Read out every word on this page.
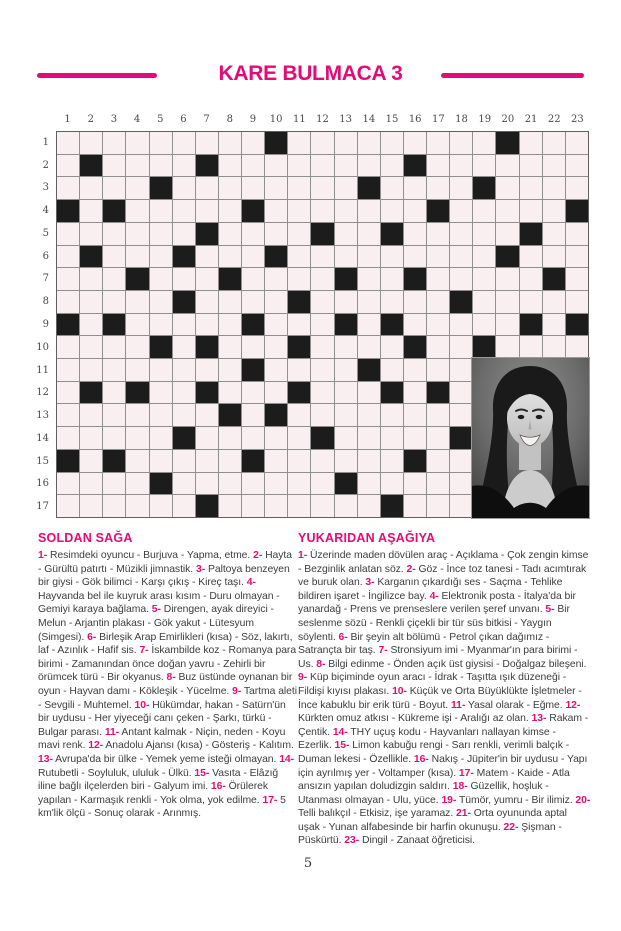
KARE BULMACA 3
1	2	3	4	5	6	7	8	9	10	11	12	13	14	15	16	17	18	19	20	21	22	23
1
2
3
4
5
6
7
8
9
10
11
12
13
14
15
16
17
SOLDAN SAĞA

1- Resimdeki oyuncu - Burjuva - Yapma, etme. 2- Hayta - Gürültü patırtı - Müzikli jimnastik. 3- Paltoya benzeyen bir giysi - Gök bilimci - Karşı çıkış - Kireç taşı. 4- Hayvanda bel ile kuyruk arası kısım - Duru olmayan - Gemiyi karaya bağlama. 5- Direngen, ayak direyici - Melun - Arjantin plakası - Gök yakut - Lütesyum (Simgesi). 6- Birleşik Arap Emirlikleri (kısa) - Söz, lakırtı, laf - Azınlık - Hafif sis. 7- İskambilde koz - Romanya para birimi - Zamanından önce doğan yavru - Zehirli bir örümcek türü - Bir okyanus. 8- Buz üstünde oynanan bir oyun - Hayvan damı - Kökleşik - Yücelme. 9- Tartma aleti - Sevgili - Muhtemel. 10- Hükümdar, hakan - Satürn'ün bir uydusu - Her yiyeceği canı çeken - Şarkı, türkü - Bulgar parası. 11- Antant kalmak - Niçin, neden - Koyu mavi renk. 12- Anadolu Ajansı (kısa) - Gösteriş - Kalıtım. 13- Avrupa'da bir ülke - Yemek yeme isteği olmayan. 14- Rutubetli - Soyluluk, ululuk - Ülkü. 15- Vasıta - Elâzığ iline bağlı ilçelerden biri - Galyum imi. 16- Örülerek yapılan - Karmaşık renkli - Yok olma, yok edilme. 17- 5 km'lik ölçü - Sonuç olarak - Arınmış.

YUKARIDAN AŞAĞIYA

1- Üzerinde maden dövülen araç - Açıklama - Çok zengin kimse - Bezginlik anlatan söz. 2- Göz - İnce toz tanesi - Tadı acımtırak ve buruk olan. 3- Karganın çıkardığı ses - Saçma - Tehlike bildiren işaret - İngilizce bay. 4- Elektronik posta - İtalya'da bir yanardağ - Prens ve prenseslere verilen şeref unvanı. 5- Bir seslenme sözü - Renkli çiçekli bir tür süs bitkisi - Yaygın söylenti. 6- Bir şeyin alt bölümü - Petrol çıkan dağımız - Satrançta bir taş. 7- Stronsiyum imi - Myanmar'ın para birimi - Us. 8- Bilgi edinme - Önden açık üst giysisi - Doğalgaz bileşeni. 9- Küp biçiminde oyun aracı - İdrak - Taşıtta ışık düzeneği - Fildişi kıyısı plakası. 10- Küçük ve Orta Büyüklükte İşletmeler - İnce kabuklu bir erik türü - Boyut. 11- Yasal olarak - Eğme. 12- Kürkten omuz atkısı - Kükreme işi - Aralığı az olan. 13- Rakam - Çentik. 14- THY uçuş kodu - Hayvanları nallayan kimse - Ezerlik. 15- Limon kabuğu rengi - Sarı renkli, verimli balçık - Duman lekesi - Özellikle. 16- Nakış - Jüpiter'in bir uydusu - Yapı için ayrılmış yer - Voltamper (kısa). 17- Matem - Kaide - Atla ansızın yapılan doludizgin saldırı. 18- Güzellik, hoşluk - Utanması olmayan - Ulu, yüce. 19- Tümör, yumru - Bir ilimiz. 20- Telli balıkçıl - Etkisiz, işe yaramaz. 21- Orta oyununda aptal uşak - Yunan alfabesinde bir harfin okunuşu. 22- Şişman - Püskürtü. 23- Dingil - Zanaat öğreticisi.

5
